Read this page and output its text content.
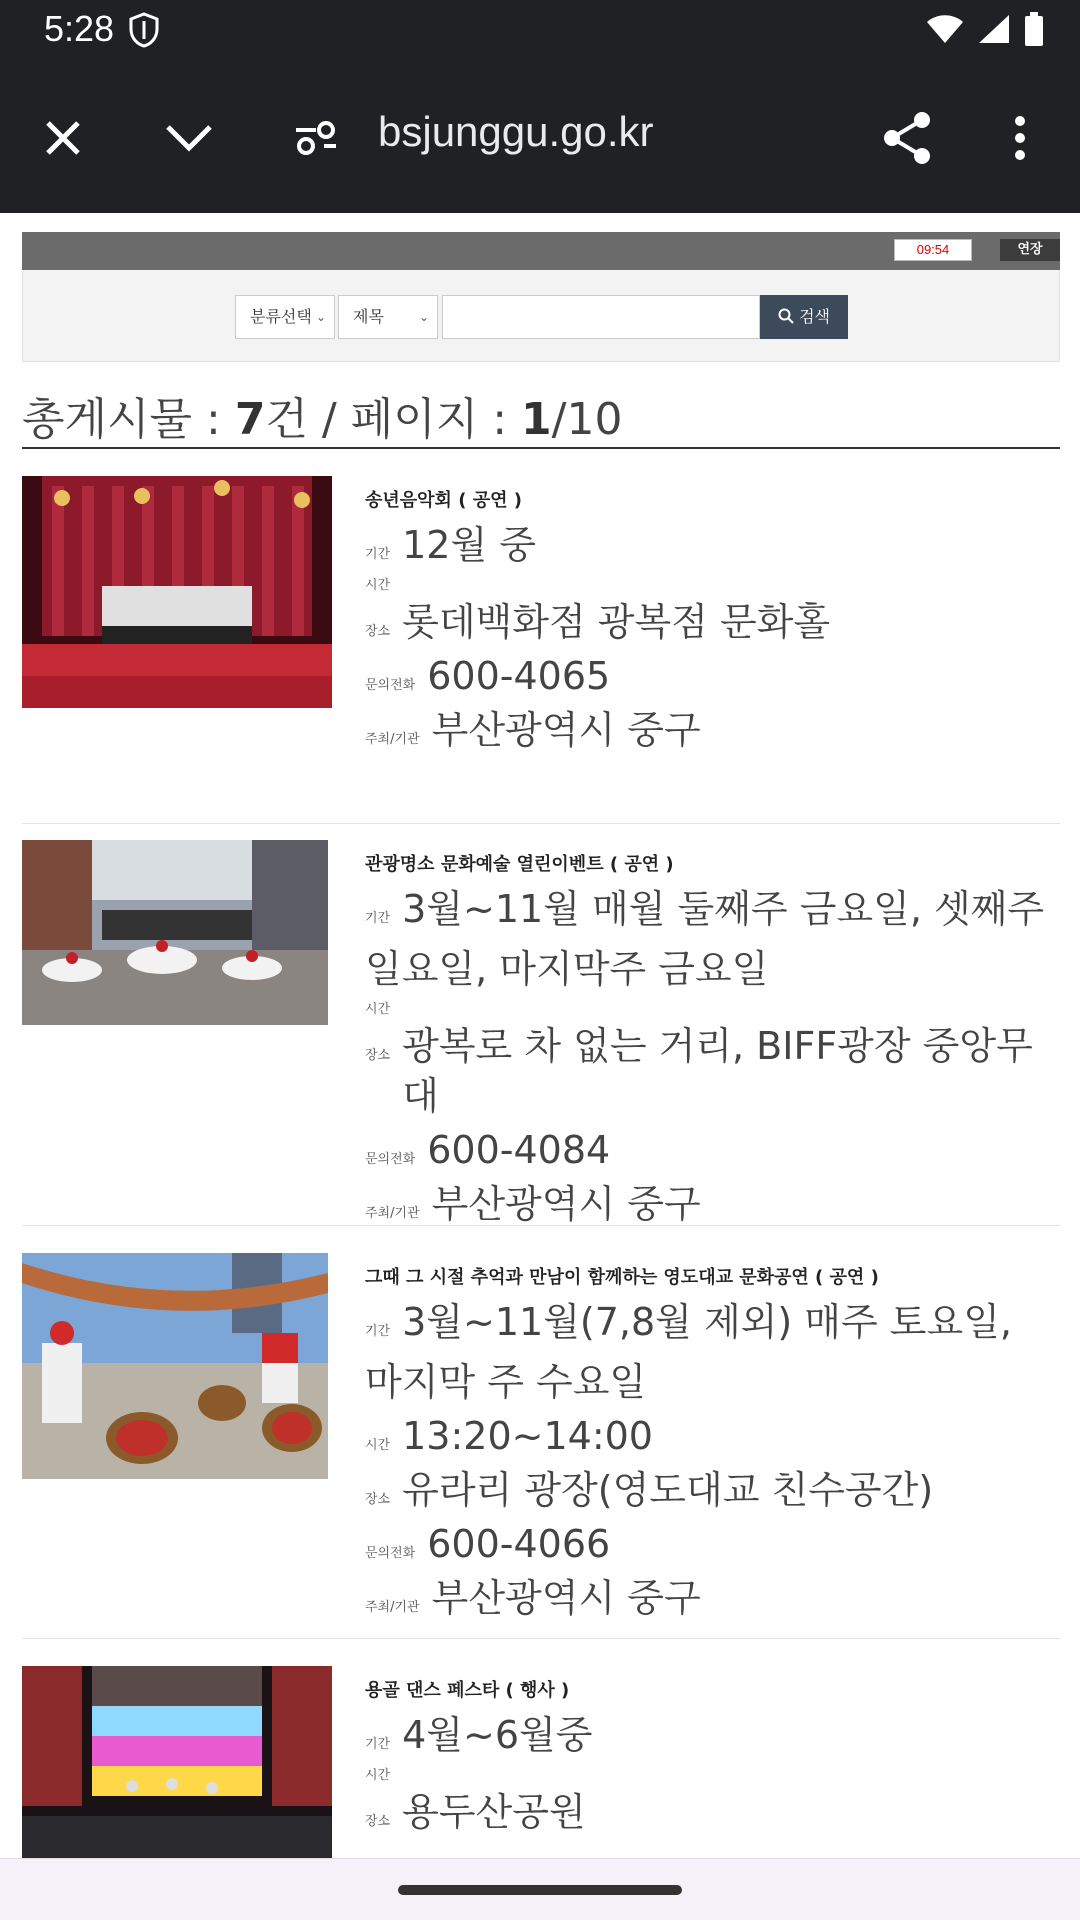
5:28
bsjunggu.go.kr
09:54	연장
분류선택 ⌄	제목	⌄	검색
총게시물 : 7건 / 페이지 : 1/10
송년음악회 ( 공연 )
기간 12월 중
시간
장소 롯데백화점 광복점 문화홀
문의전화 600-4065
주최/기관 부산광역시 중구
관광명소 문화예술 열린이벤트 ( 공연 )
기간 3월~11월 매월 둘째주 금요일, 셋째주 일요일, 마지막주 금요일
시간
장소 광복로 차 없는 거리, BIFF광장 중앙무대
문의전화 600-4084
주최/기관 부산광역시 중구
그때 그 시절 추억과 만남이 함께하는 영도대교 문화공연 ( 공연 )
기간 3월~11월(7,8월 제외) 매주 토요일, 마지막 주 수요일
시간 13:20~14:00
장소 유라리 광장(영도대교 친수공간)
문의전화 600-4066
주최/기관 부산광역시 중구
용골 댄스 페스타 ( 행사 )
기간 4월~6월중
시간
장소 용두산공원
